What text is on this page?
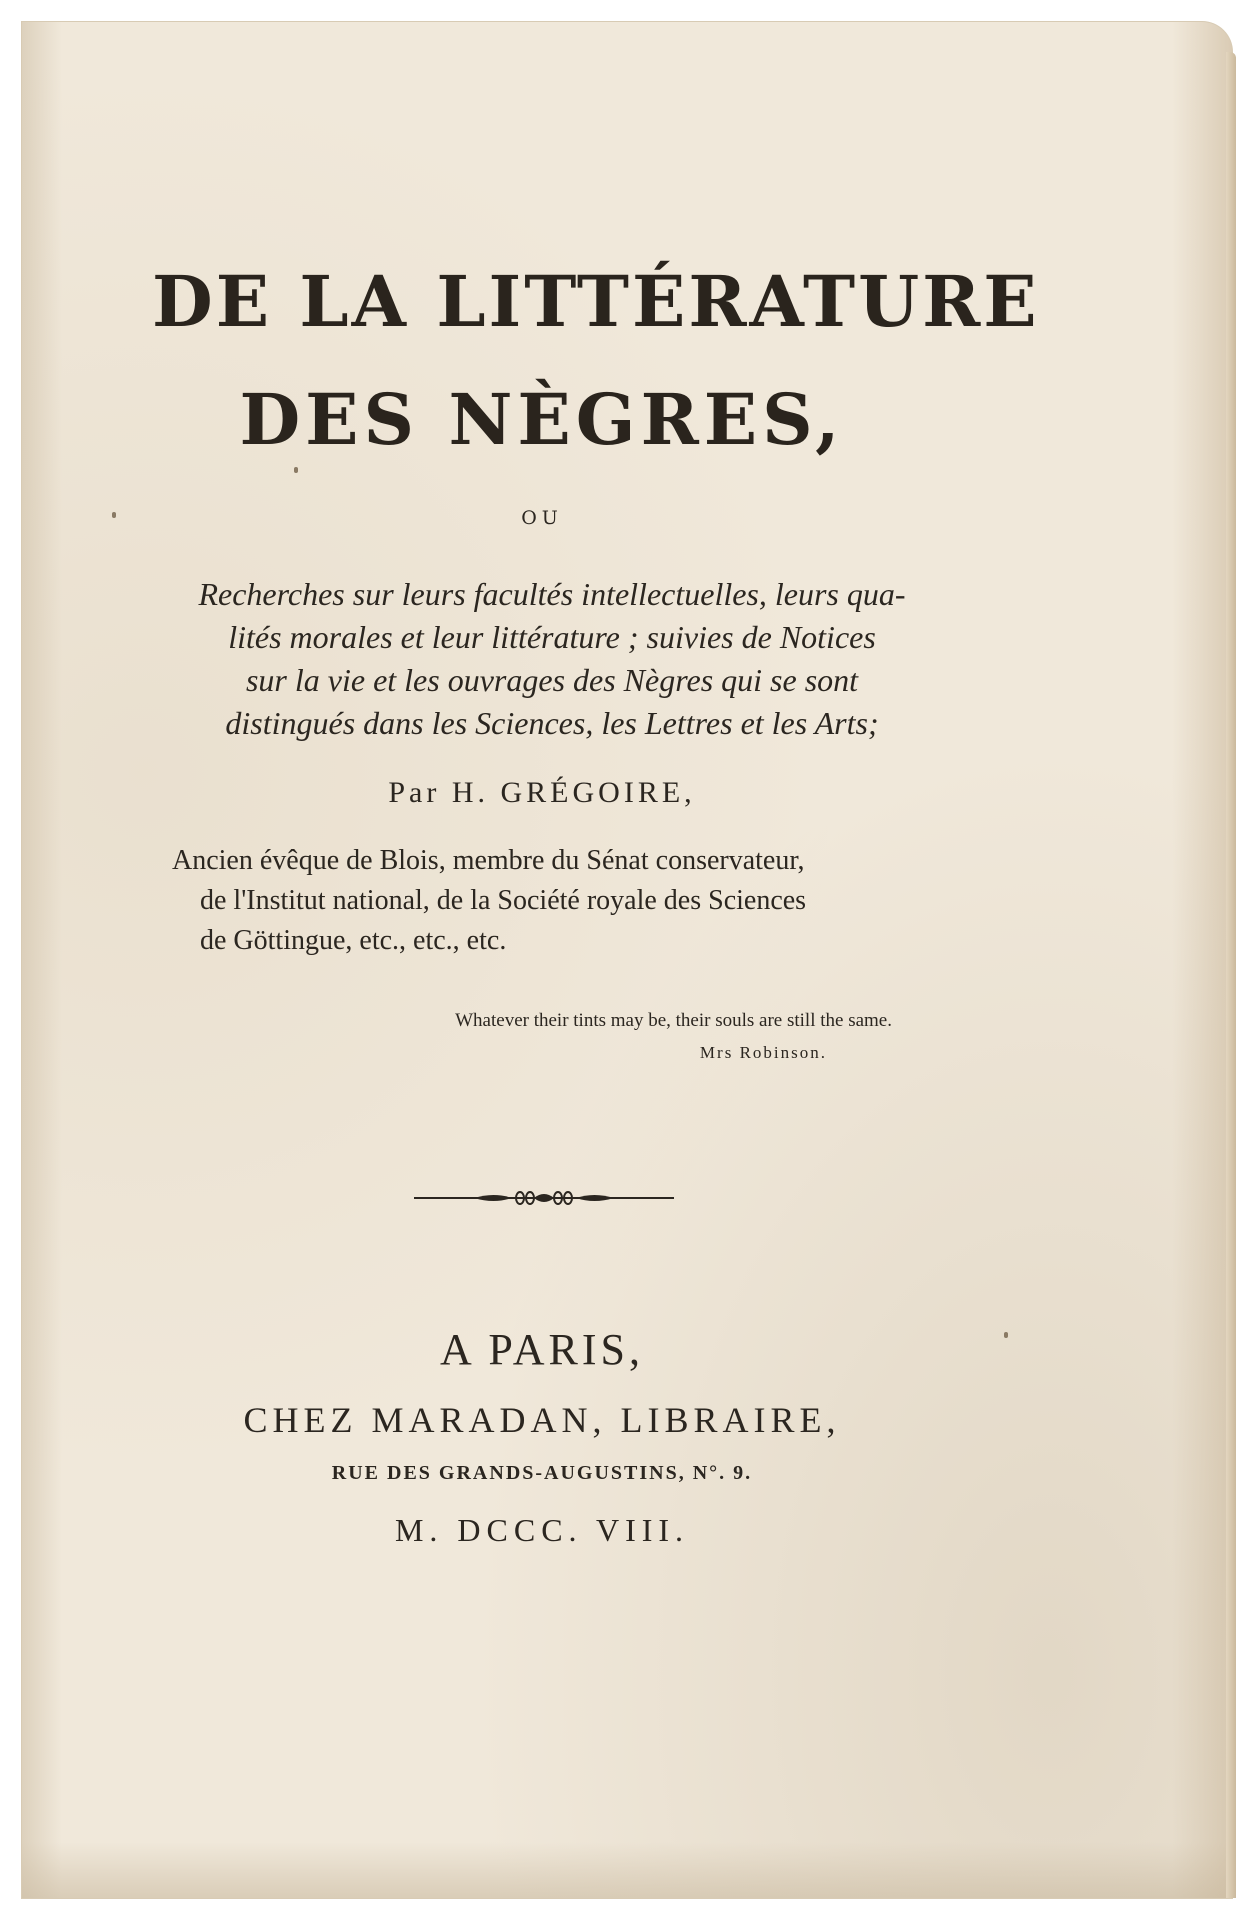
DE LA LITTÉRATURE
DES NÈGRES,
OU
Recherches sur leurs facultés intellectuelles, leurs qua-
lités morales et leur littérature ; suivies de Notices
sur la vie et les ouvrages des Nègres qui se sont
distingués dans les Sciences, les Lettres et les Arts;
Par H. GRÉGOIRE,
Ancien évêque de Blois, membre du Sénat conservateur,
de l'Institut national, de la Société royale des Sciences
de Göttingue, etc., etc., etc.
Whatever their tints may be, their souls are still the same.
Mrs Robinson.
A PARIS,
CHEZ MARADAN, LIBRAIRE,
RUE DES GRANDS-AUGUSTINS, N°. 9.
M. DCCC. VIII.
